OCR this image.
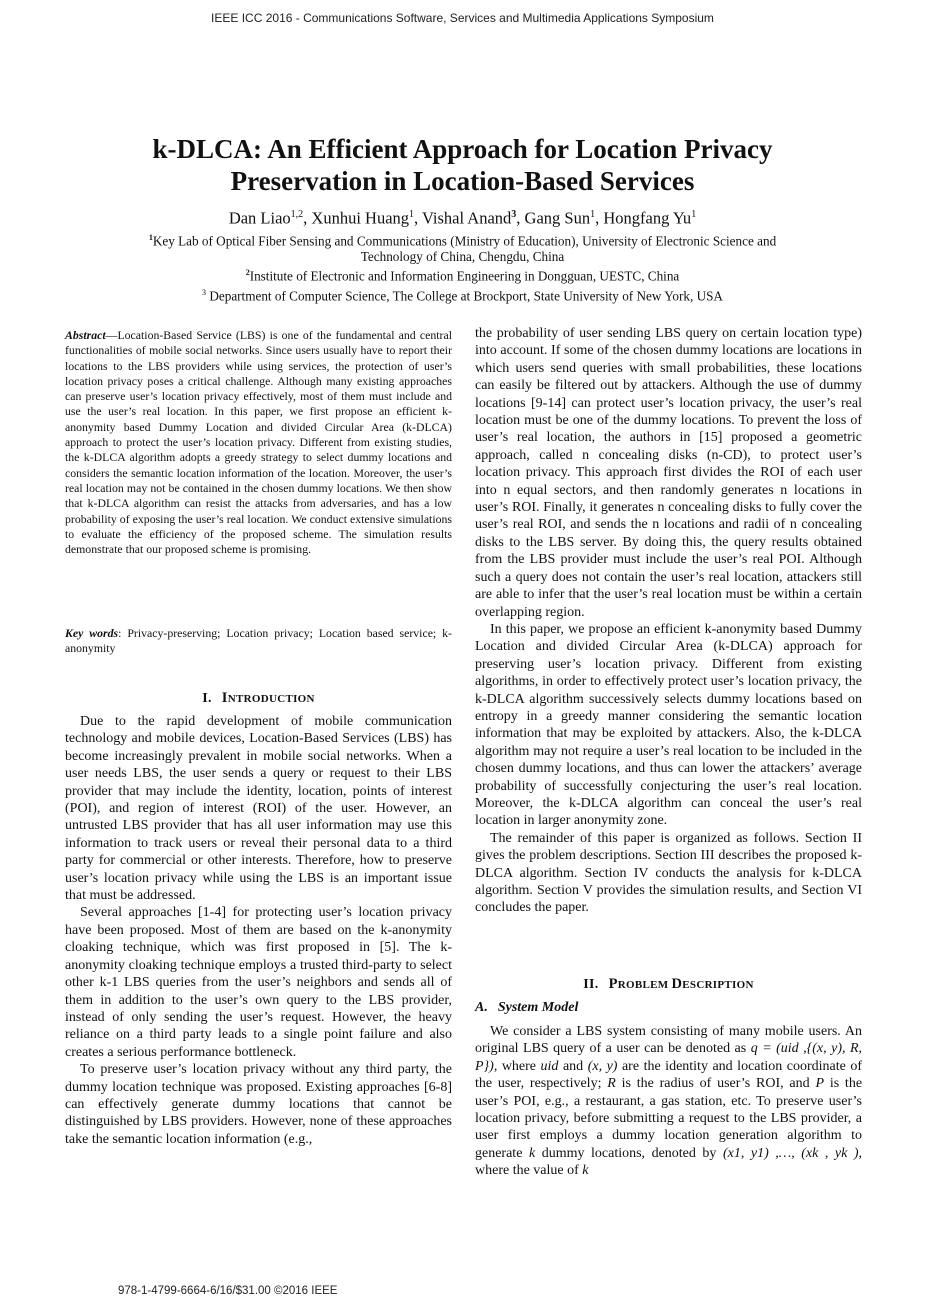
IEEE ICC 2016 - Communications Software, Services and Multimedia Applications Symposium
k-DLCA: An Efficient Approach for Location Privacy
Preservation in Location-Based Services
Dan Liao$^{1,2}$, Xunhui Huang$^1$, Vishal Anand$^3$, Gang Sun$^1$, Hongfang Yu$^1$
$^1$Key Lab of Optical Fiber Sensing and Communications (Ministry of Education), University of Electronic Science and Technology of China, Chengdu, China
$^2$Institute of Electronic and Information Engineering in Dongguan, UESTC, China
$^3$ Department of Computer Science, The College at Brockport, State University of New York, USA

Abstract—Location-Based Service (LBS) is one of the fundamental and central functionalities of mobile social networks. Since users usually have to report their locations to the LBS providers while using services, the protection of user’s location privacy poses a critical challenge. Although many existing approaches can preserve user’s location privacy effectively, most of them must include and use the user’s real location. In this paper, we first propose an efficient k-anonymity based Dummy Location and divided Circular Area (k-DLCA) approach to protect the user’s location privacy. Different from existing studies, the k-DLCA algorithm adopts a greedy strategy to select dummy locations and considers the semantic location information of the location. Moreover, the user’s real location may not be contained in the chosen dummy locations. We then show that k-DLCA algorithm can resist the attacks from adversaries, and has a low probability of exposing the user’s real location. We conduct extensive simulations to evaluate the efficiency of the proposed scheme. The simulation results demonstrate that our proposed scheme is promising.

Key words: Privacy-preserving; Location privacy; Location based service; k-anonymity

I. INTRODUCTION

Due to the rapid development of mobile communication technology and mobile devices, Location-Based Services (LBS) has become increasingly prevalent in mobile social networks. When a user needs LBS, the user sends a query or request to their LBS provider that may include the identity, location, points of interest (POI), and region of interest (ROI) of the user. However, an untrusted LBS provider that has all user information may use this information to track users or reveal their personal data to a third party for commercial or other interests. Therefore, how to preserve user’s location privacy while using the LBS is an important issue that must be addressed.

Several approaches [1-4] for protecting user’s location privacy have been proposed. Most of them are based on the k-anonymity cloaking technique, which was first proposed in [5]. The k-anonymity cloaking technique employs a trusted third-party to select other k-1 LBS queries from the user’s neighbors and sends all of them in addition to the user’s own query to the LBS provider, instead of only sending the user’s request. However, the heavy reliance on a third party leads to a single point failure and also creates a serious performance bottleneck.

To preserve user’s location privacy without any third party, the dummy location technique was proposed. Existing approaches [6-8] can effectively generate dummy locations that cannot be distinguished by LBS providers. However, none of these approaches take the semantic location information (e.g.,

the probability of user sending LBS query on certain location type) into account. If some of the chosen dummy locations are locations in which users send queries with small probabilities, these locations can easily be filtered out by attackers. Although the use of dummy locations [9-14] can protect user’s location privacy, the user’s real location must be one of the dummy locations. To prevent the loss of user’s real location, the authors in [15] proposed a geometric approach, called n concealing disks (n-CD), to protect user’s location privacy. This approach first divides the ROI of each user into n equal sectors, and then randomly generates n locations in user’s ROI. Finally, it generates n concealing disks to fully cover the user’s real ROI, and sends the n locations and radii of n concealing disks to the LBS server. By doing this, the query results obtained from the LBS provider must include the user’s real POI. Although such a query does not contain the user’s real location, attackers still are able to infer that the user’s real location must be within a certain overlapping region.

In this paper, we propose an efficient k-anonymity based Dummy Location and divided Circular Area (k-DLCA) approach for preserving user’s location privacy. Different from existing algorithms, in order to effectively protect user’s location privacy, the k-DLCA algorithm successively selects dummy locations based on entropy in a greedy manner considering the semantic location information that may be exploited by attackers. Also, the k-DLCA algorithm may not require a user’s real location to be included in the chosen dummy locations, and thus can lower the attackers’ average probability of successfully conjecturing the user’s real location. Moreover, the k-DLCA algorithm can conceal the user’s real location in larger anonymity zone.

The remainder of this paper is organized as follows. Section II gives the problem descriptions. Section III describes the proposed k-DLCA algorithm. Section IV conducts the analysis for k-DLCA algorithm. Section V provides the simulation results, and Section VI concludes the paper.

II. PROBLEM DESCRIPTION
A. System Model

We consider a LBS system consisting of many mobile users. An original LBS query of a user can be denoted as q = (uid ,{(x, y), R, P}), where uid and (x, y) are the identity and location coordinate of the user, respectively; R is the radius of user’s ROI, and P is the user’s POI, e.g., a restaurant, a gas station, etc. To preserve user’s location privacy, before submitting a request to the LBS provider, a user first employs a dummy location generation algorithm to generate k dummy locations, denoted by (x1, y1) ,…, (xk , yk ), where the value of k

978-1-4799-6664-6/16/$31.00 ©2016 IEEE
